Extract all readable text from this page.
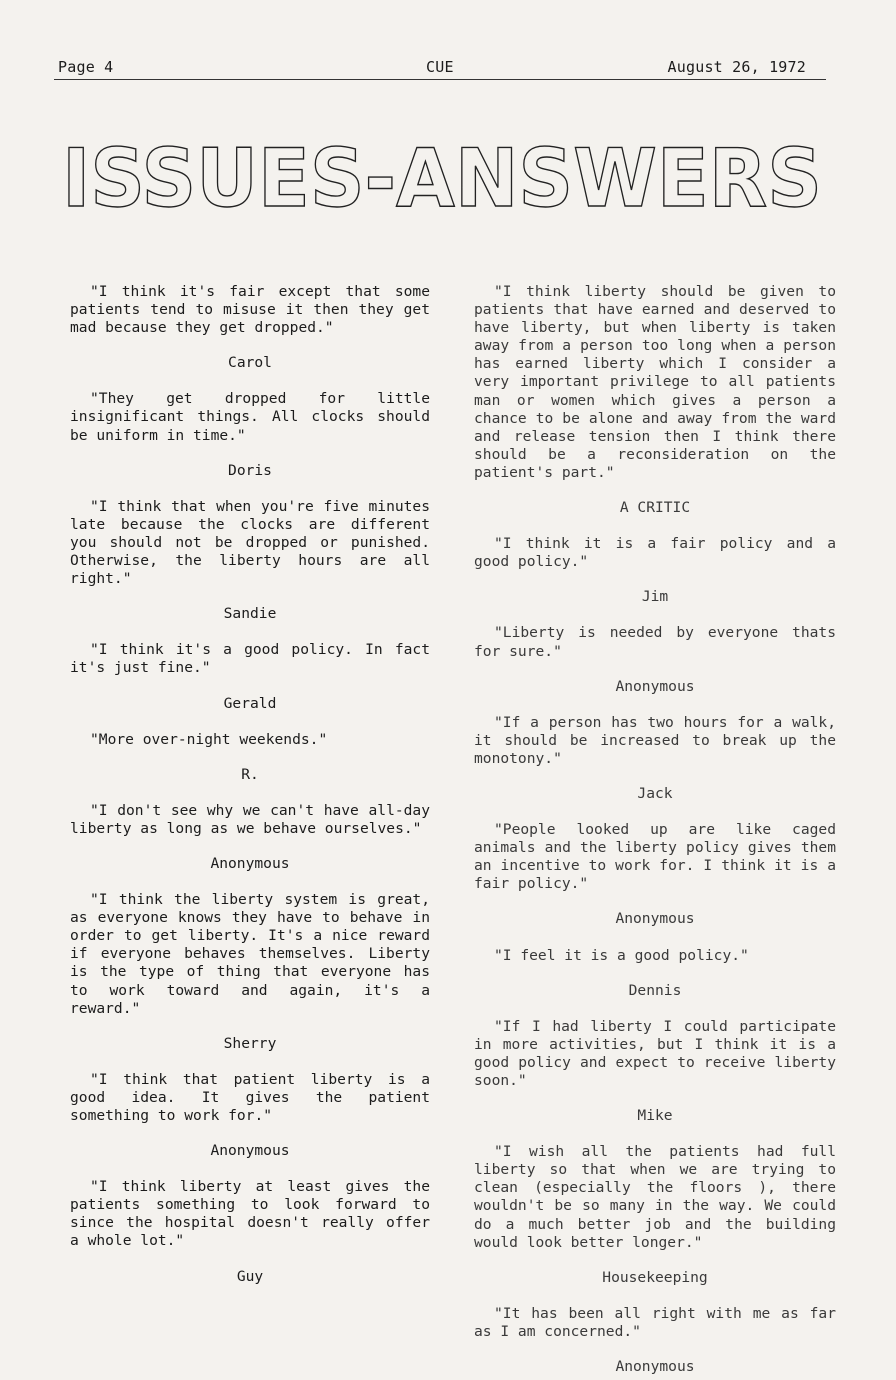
Page 4	CUE	August 26, 1972
ISSUES-ANSWERS

"I think it's fair except that some patients tend to misuse it then they get mad because they get dropped."

Carol

"They get dropped for little insignificant things. All clocks should be uniform in time."

Doris

"I think that when you're five minutes late because the clocks are different you should not be dropped or punished. Otherwise, the liberty hours are all right."

Sandie

"I think it's a good policy. In fact it's just fine."

Gerald

"More over-night weekends."

R.

"I don't see why we can't have all-day liberty as long as we behave ourselves."

Anonymous

"I think the liberty system is great, as everyone knows they have to behave in order to get liberty. It's a nice reward if everyone behaves themselves. Liberty is the type of thing that everyone has to work toward and again, it's a reward."

Sherry

"I think that patient liberty is a good idea. It gives the patient something to work for."

Anonymous

"I think liberty at least gives the patients something to look forward to since the hospital doesn't really offer a whole lot."

Guy

"I think liberty should be given to patients that have earned and deserved to have liberty, but when liberty is taken away from a person too long when a person has earned liberty which I consider a very important privilege to all patients man or women which gives a person a chance to be alone and away from the ward and release tension then I think there should be a reconsideration on the patient's part."

A CRITIC

"I think it is a fair policy and a good policy."

Jim

"Liberty is needed by everyone thats for sure."

Anonymous

"If a person has two hours for a walk, it should be increased to break up the monotony."

Jack

"People looked up are like caged animals and the liberty policy gives them an incentive to work for. I think it is a fair policy."

Anonymous

"I feel it is a good policy."

Dennis

"If I had liberty I could participate in more activities, but I think it is a good policy and expect to receive liberty soon."

Mike

"I wish all the patients had full liberty so that when we are trying to clean (especially the floors ), there wouldn't be so many in the way. We could do a much better job and the building would look better longer."

Housekeeping

"It has been all right with me as far as I am concerned."

Anonymous
